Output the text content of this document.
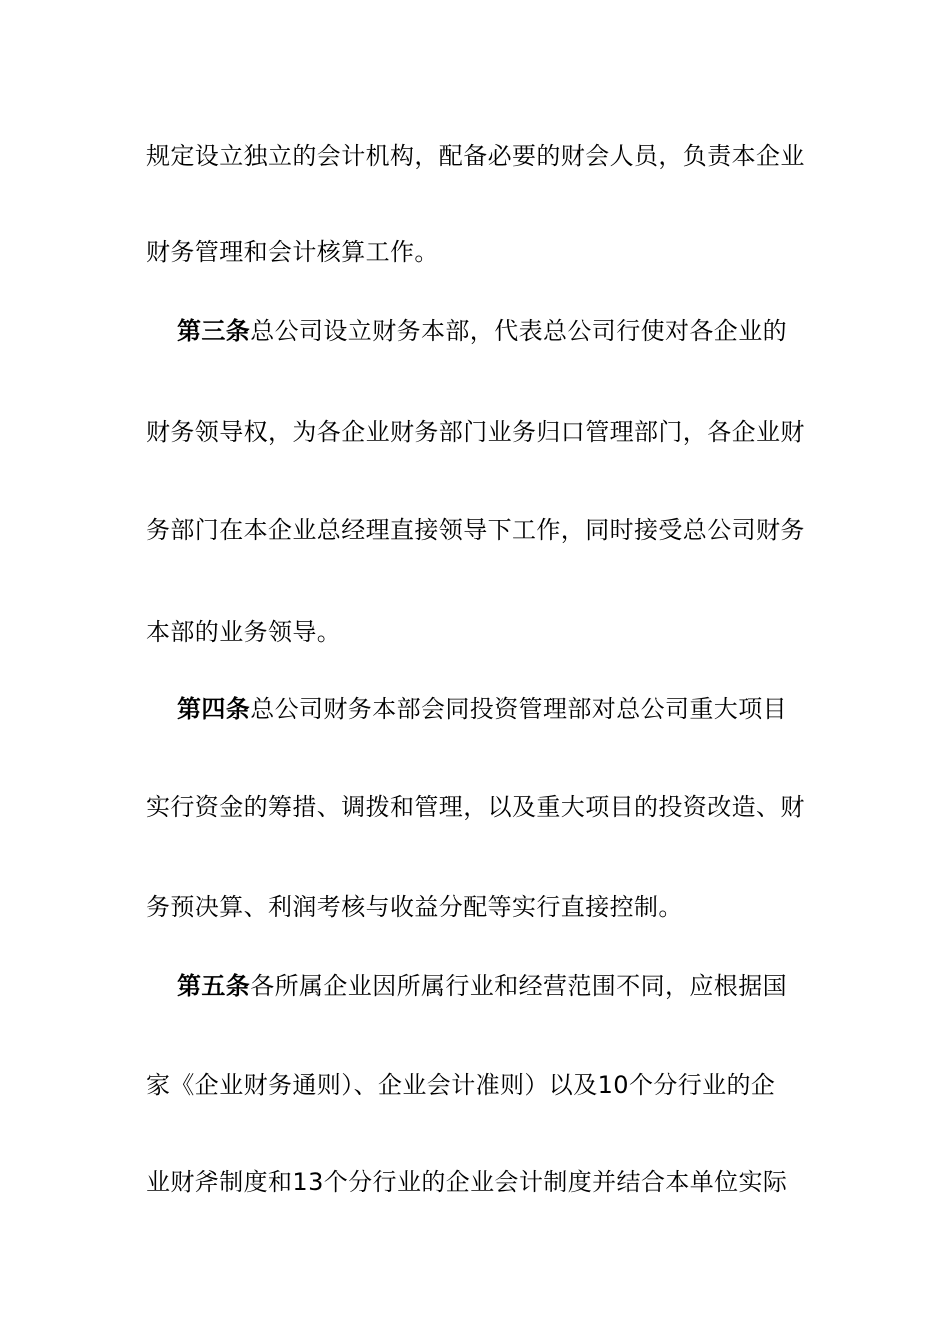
规定设立独立的会计机构，配备必要的财会人员，负责本企业
财务管理和会计核算工作。
第三条总公司设立财务本部，代表总公司行使对各企业的
财务领导权，为各企业财务部门业务归口管理部门，各企业财
务部门在本企业总经理直接领导下工作，同时接受总公司财务
本部的业务领导。
第四条总公司财务本部会同投资管理部对总公司重大项目
实行资金的筹措、调拨和管理，以及重大项目的投资改造、财
务预决算、利润考核与收益分配等实行直接控制。
第五条各所属企业因所属行业和经营范围不同，应根据国
家《企业财务通则）、企业会计准则）以及10个分行业的企
业财斧制度和13个分行业的企业会计制度并结合本单位实际
